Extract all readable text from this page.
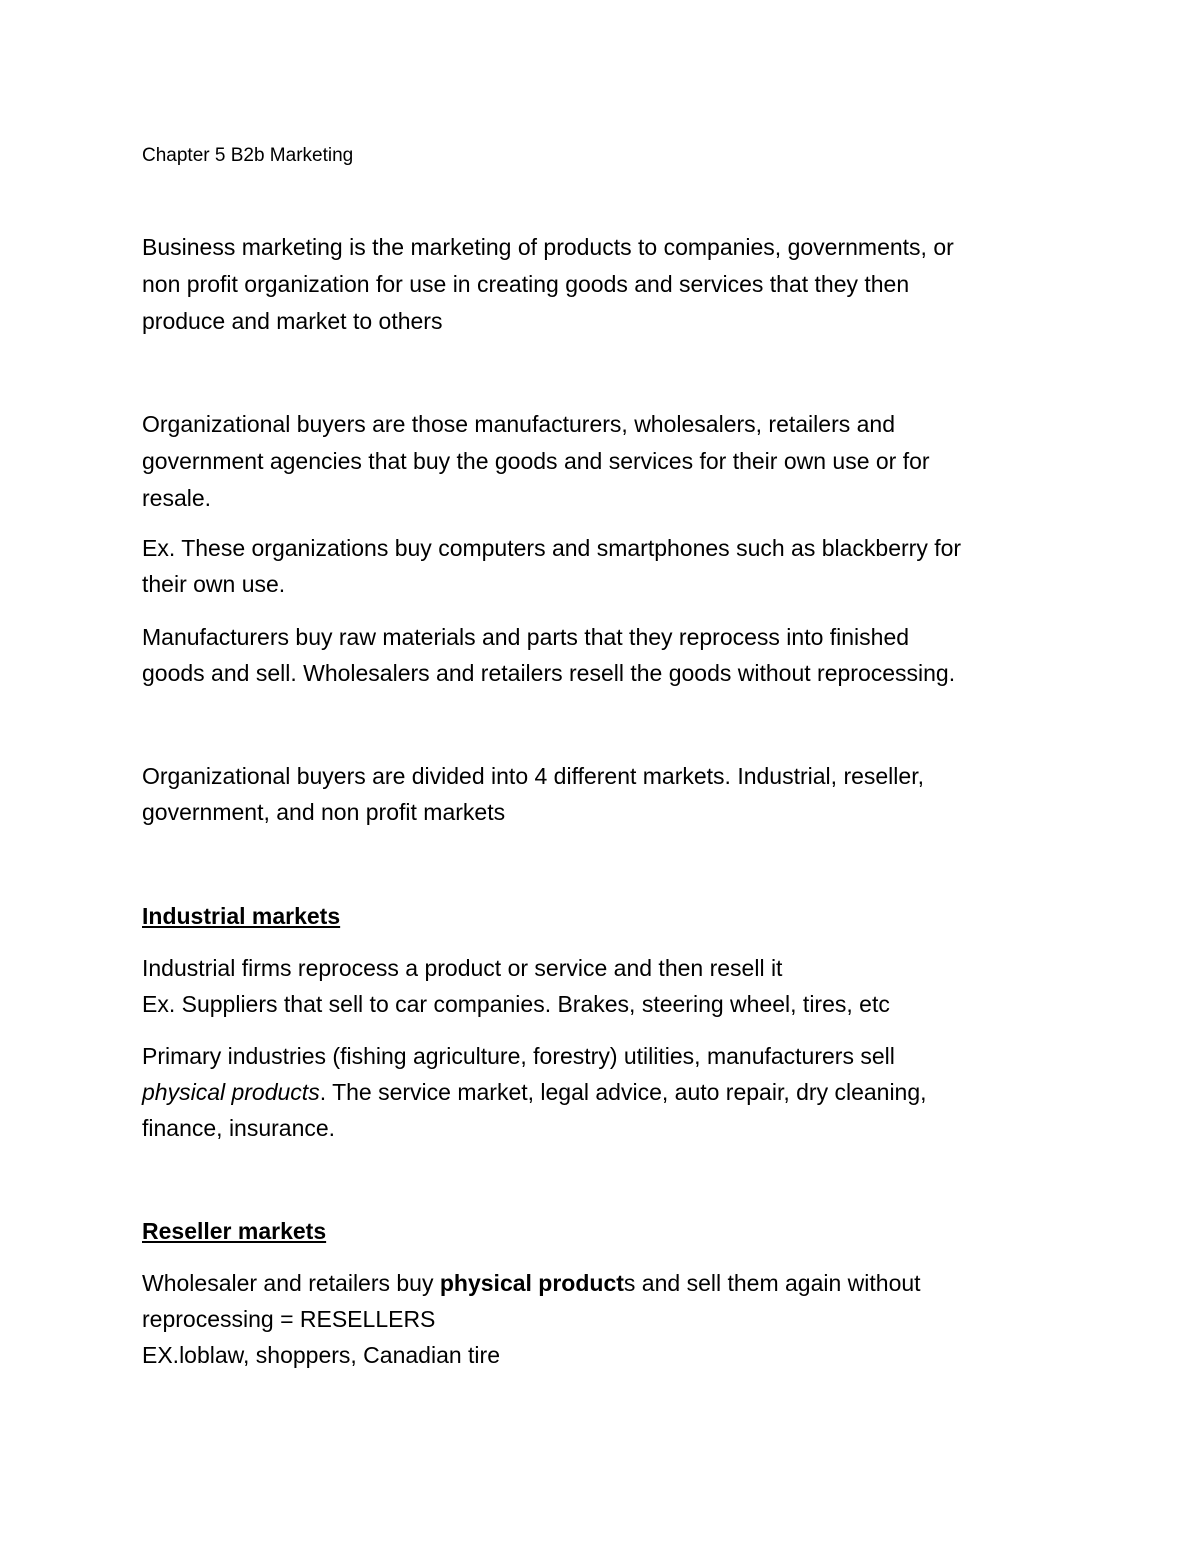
Chapter 5 B2b Marketing

Business marketing is the marketing of products to companies, governments, or
non profit organization for use in creating goods and services that they then
produce and market to others

Organizational buyers are those manufacturers, wholesalers, retailers and
government agencies that buy the goods and services for their own use or for
resale.

Ex. These organizations buy computers and smartphones such as blackberry for
their own use.

Manufacturers buy raw materials and parts that they reprocess into finished
goods and sell. Wholesalers and retailers resell the goods without reprocessing.

Organizational buyers are divided into 4 different markets. Industrial, reseller,
government, and non profit markets

Industrial markets

Industrial firms reprocess a product or service and then resell it
Ex. Suppliers that sell to car companies. Brakes, steering wheel, tires, etc

Primary industries (fishing agriculture, forestry) utilities, manufacturers sell
physical products. The service market, legal advice, auto repair, dry cleaning,
finance, insurance.

Reseller markets

Wholesaler and retailers buy physical products and sell them again without
reprocessing = RESELLERS
EX.loblaw, shoppers, Canadian tire
